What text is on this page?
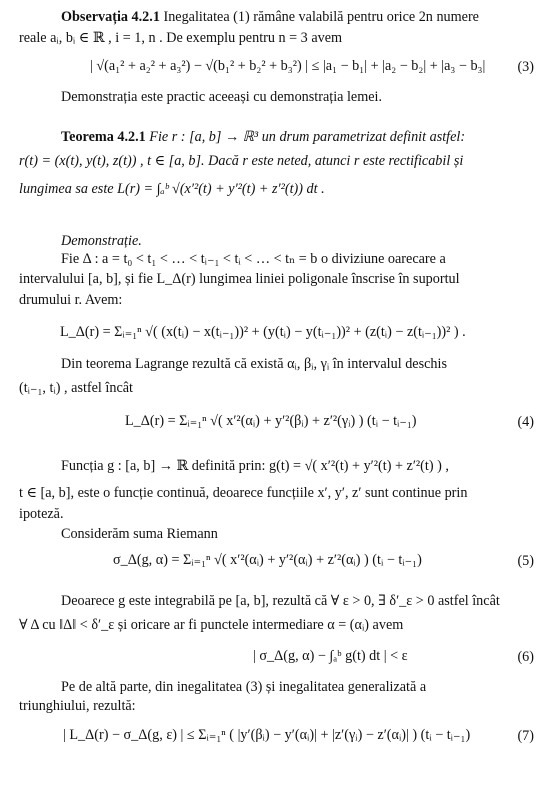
Observația 4.2.1 Inegalitatea (1) rămâne valabilă pentru orice 2n numere
reale aᵢ, bᵢ ∈ ℝ , i = 1, n . De exemplu pentru n = 3 avem
| √(a₁² + a₂² + a₃²) − √(b₁² + b₂² + b₃²) | ≤ |a₁ − b₁| + |a₂ − b₂| + |a₃ − b₃| (3)
Demonstrația este practic aceeași cu demonstrația lemei.
Teorema 4.2.1 Fie r : [a, b] → ℝ³ un drum parametrizat definit astfel:
r(t) = (x(t), y(t), z(t)) , t ∈ [a, b]. Dacă r este neted, atunci r este rectificabil și
lungimea sa este L(r) = ∫ₐᵇ √(x′²(t) + y′²(t) + z′²(t)) dt .
Demonstrație.
Fie Δ : a = t₀ < t₁ < … < tᵢ₋₁ < tᵢ < … < tₙ = b o diviziune oarecare a
intervalului [a, b], și fie L_Δ(r) lungimea liniei poligonale înscrise în suportul
drumului r. Avem:
L_Δ(r) = Σᵢ₌₁ⁿ √( (x(tᵢ) − x(tᵢ₋₁))² + (y(tᵢ) − y(tᵢ₋₁))² + (z(tᵢ) − z(tᵢ₋₁))² ) .
Din teorema Lagrange rezultă că există αᵢ, βᵢ, γᵢ în intervalul deschis
(tᵢ₋₁, tᵢ) , astfel încât
L_Δ(r) = Σᵢ₌₁ⁿ √( x′²(αᵢ) + y′²(βᵢ) + z′²(γᵢ) ) (tᵢ − tᵢ₋₁)	(4)
Funcția g : [a, b] → ℝ definită prin: g(t) = √( x′²(t) + y′²(t) + z′²(t) ) ,
t ∈ [a, b], este o funcție continuă, deoarece funcțiile x′, y′, z′ sunt continue prin
ipoteză.
Considerăm suma Riemann
σ_Δ(g, α) = Σᵢ₌₁ⁿ √( x′²(αᵢ) + y′²(αᵢ) + z′²(αᵢ) ) (tᵢ − tᵢ₋₁)	(5)
Deoarece g este integrabilă pe [a, b], rezultă că ∀ ε > 0, ∃ δ′_ε > 0 astfel încât
∀ Δ cu ‖Δ‖ < δ′_ε și oricare ar fi punctele intermediare α = (αᵢ) avem
| σ_Δ(g, α) − ∫ₐᵇ g(t) dt | < ε	(6)
Pe de altă parte, din inegalitatea (3) și inegalitatea generalizată a
triunghiului, rezultă:
| L_Δ(r) − σ_Δ(g, ε) | ≤ Σᵢ₌₁ⁿ ( |y′(βᵢ) − y′(αᵢ)| + |z′(γᵢ) − z′(αᵢ)| ) (tᵢ − tᵢ₋₁)	(7)
